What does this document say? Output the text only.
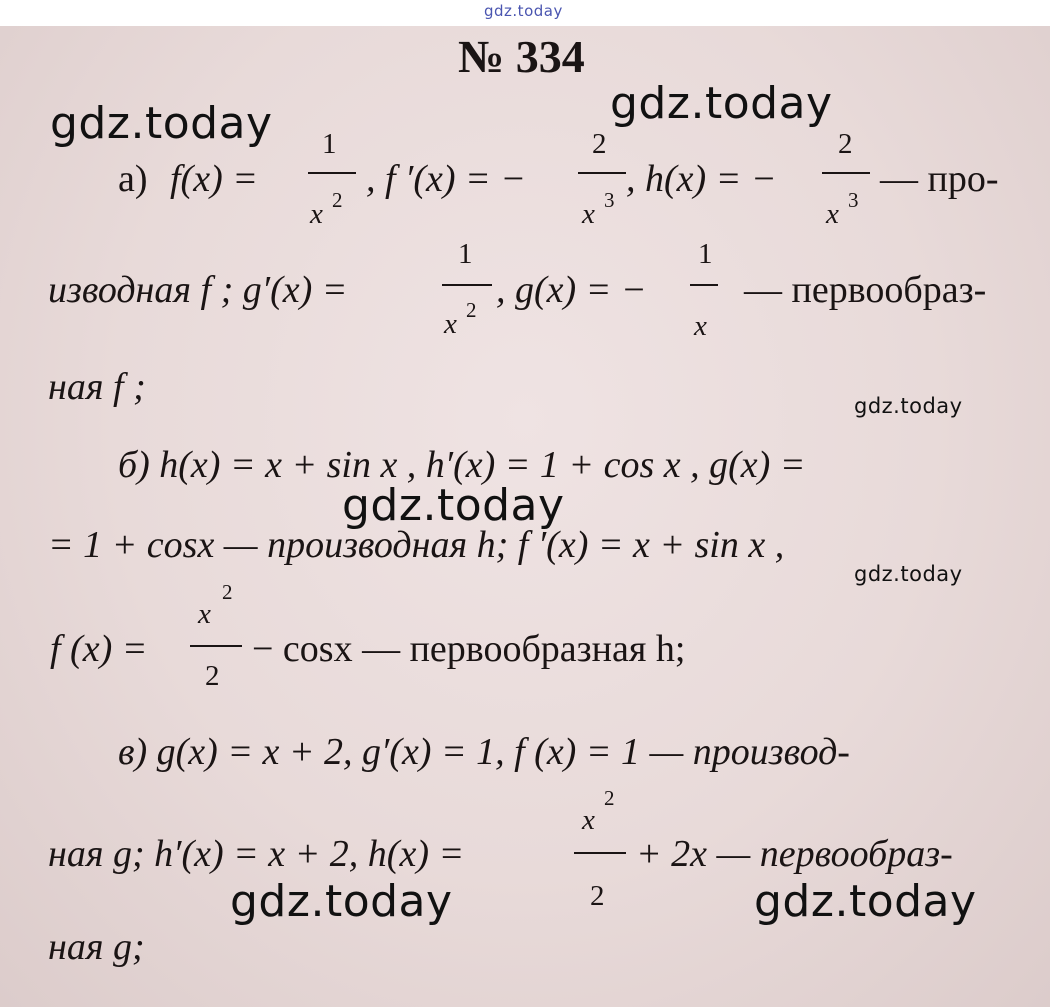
gdz.today
№ 334
а) f(x) =
1
x 2 , f ′(x) = −
2
x 3 , h(x) = −
2
x 3 — про-
изводная f ; g′(x) =
1
x 2 , g(x) = −
1
x
— первообраз-
ная f ;
б) h(x) = x + sin x , h′(x) = 1 + cos x , g(x) =
= 1 + cosx — производная h; f ′(x) = x + sin x ,
f (x) =
x
2
2
− cosx — первообразная h;
в) g(x) = x + 2, g′(x) = 1, f (x) = 1 — производ-
ная g; h′(x) = x + 2, h(x) =
x
2
2
+ 2x — первообраз-
ная g;
gdz.today	gdz.today
gdz.today
gdz.today
gdz.today
gdz.today	gdz.today
